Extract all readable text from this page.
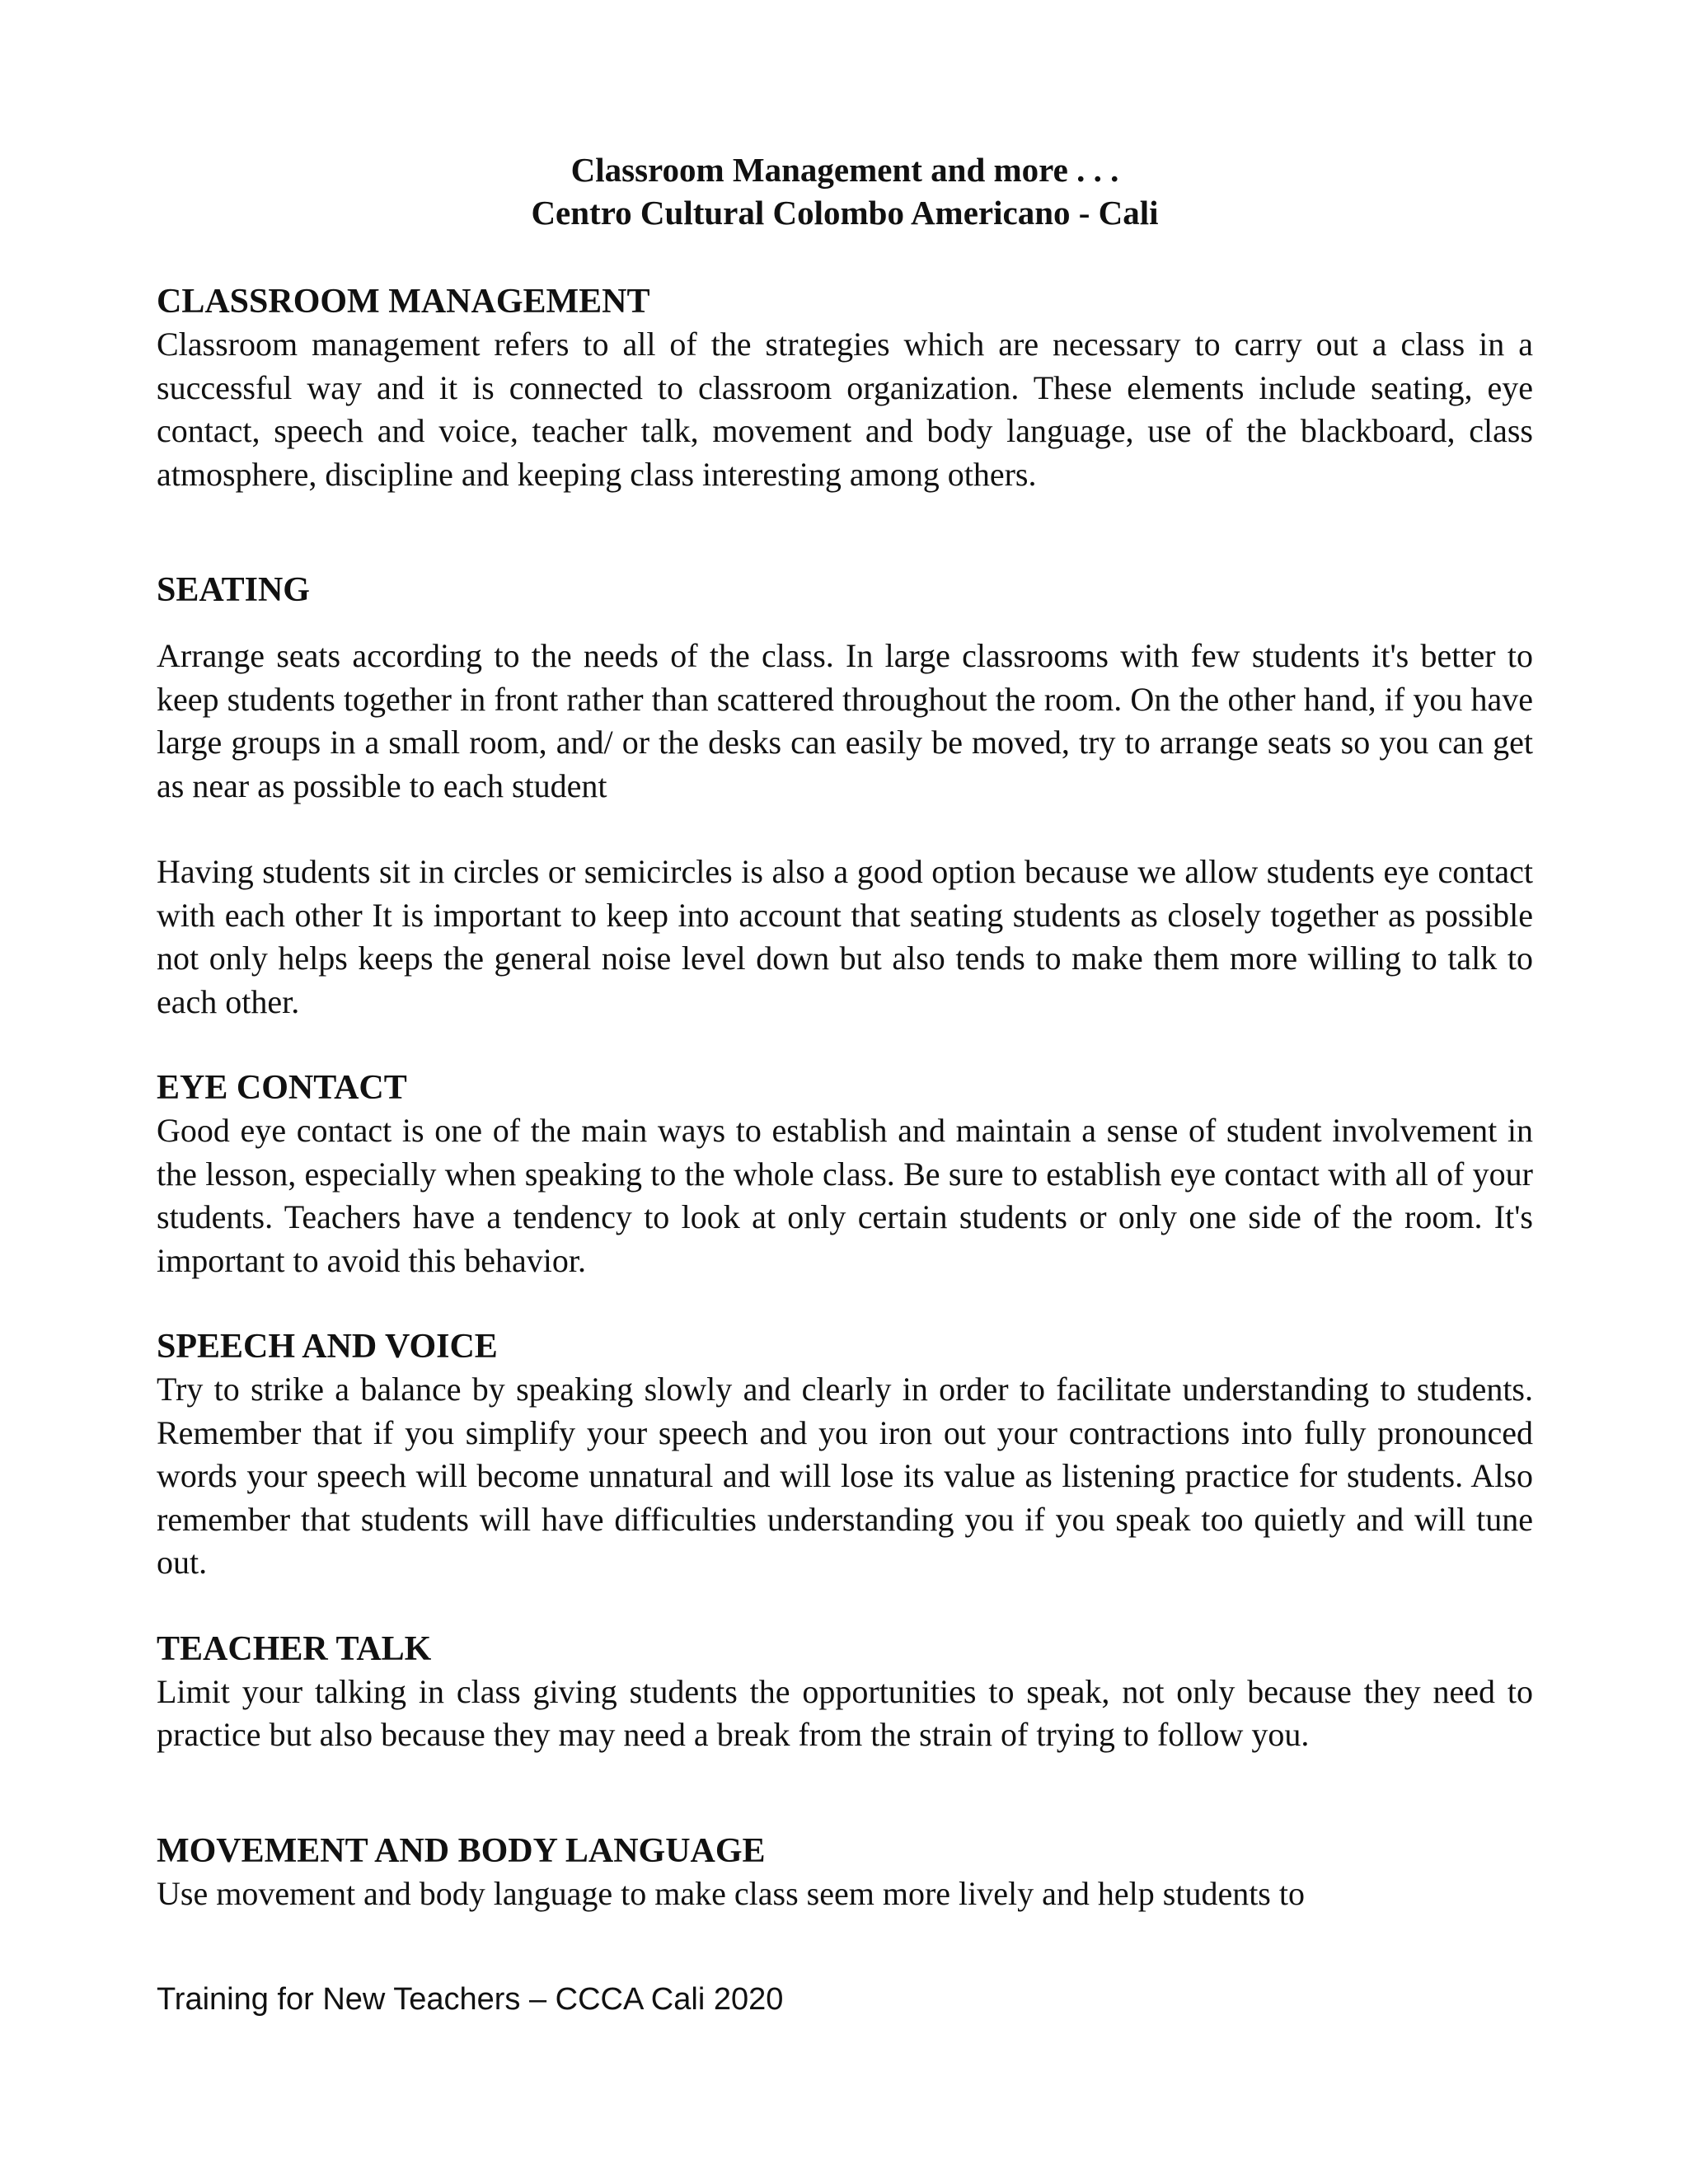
Classroom Management and more . . .
Centro Cultural Colombo Americano - Cali
CLASSROOM MANAGEMENT

Classroom management refers to all of the strategies which are necessary to carry out a class in a successful way and it is connected to classroom organization. These elements include seating, eye contact, speech and voice, teacher talk, movement and body language, use of the blackboard, class atmosphere, discipline and keeping class interesting among others.

SEATING

Arrange seats according to the needs of the class. In large classrooms with few students it's better to keep students together in front rather than scattered throughout the room. On the other hand, if you have large groups in a small room, and/ or the desks can easily be moved, try to arrange seats so you can get as near as possible to each student

Having students sit in circles or semicircles is also a good option because we allow students eye contact with each other It is important to keep into account that seating students as closely together as possible not only helps keeps the general noise level down but also tends to make them more willing to talk to each other.

EYE CONTACT

Good eye contact is one of the main ways to establish and maintain a sense of student involvement in the lesson, especially when speaking to the whole class. Be sure to establish eye contact with all of your students. Teachers have a tendency to look at only certain students or only one side of the room. It's important to avoid this behavior.

SPEECH AND VOICE

Try to strike a balance by speaking slowly and clearly in order to facilitate understanding to students. Remember that if you simplify your speech and you iron out your contractions into fully pronounced words your speech will become unnatural and will lose its value as listening practice for students. Also remember that students will have difficulties understanding you if you speak too quietly and will tune out.

TEACHER TALK

Limit your talking in class giving students the opportunities to speak, not only because they need to practice but also because they may need a break from the strain of trying to follow you.

MOVEMENT AND BODY LANGUAGE

Use movement and body language to make class seem more lively and help students to

Training for New Teachers – CCCA Cali 2020
